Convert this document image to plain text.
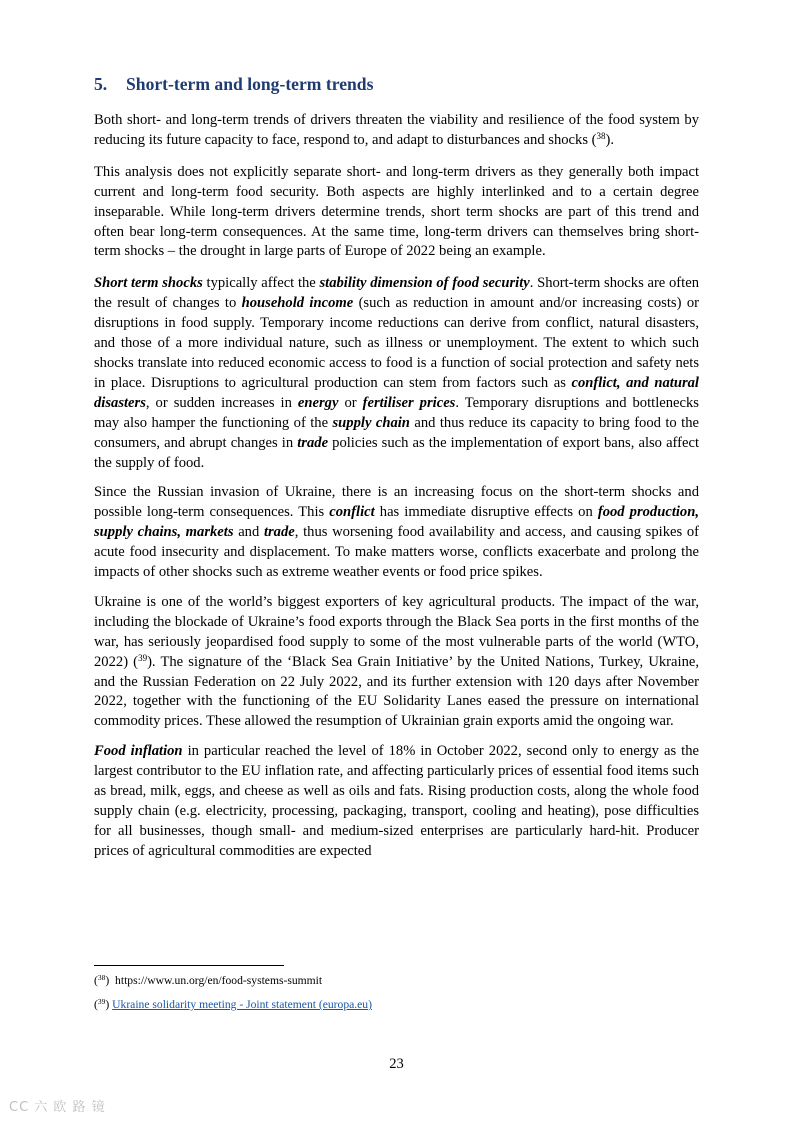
5. Short-term and long-term trends

Both short- and long-term trends of drivers threaten the viability and resilience of the food system by reducing its future capacity to face, respond to, and adapt to disturbances and shocks ($^{38}$).

This analysis does not explicitly separate short- and long-term drivers as they generally both impact current and long-term food security. Both aspects are highly interlinked and to a certain degree inseparable. While long-term drivers determine trends, short term shocks are part of this trend and often bear long-term consequences. At the same time, long-term drivers can themselves bring short-term shocks – the drought in large parts of Europe of 2022 being an example.

Short term shocks typically affect the stability dimension of food security. Short-term shocks are often the result of changes to household income (such as reduction in amount and/or increasing costs) or disruptions in food supply. Temporary income reductions can derive from conflict, natural disasters, and those of a more individual nature, such as illness or unemployment. The extent to which such shocks translate into reduced economic access to food is a function of social protection and safety nets in place. Disruptions to agricultural production can stem from factors such as conflict, and natural disasters, or sudden increases in energy or fertiliser prices. Temporary disruptions and bottlenecks may also hamper the functioning of the supply chain and thus reduce its capacity to bring food to the consumers, and abrupt changes in trade policies such as the implementation of export bans, also affect the supply of food.

Since the Russian invasion of Ukraine, there is an increasing focus on the short-term shocks and possible long-term consequences. This conflict has immediate disruptive effects on food production, supply chains, markets and trade, thus worsening food availability and access, and causing spikes of acute food insecurity and displacement. To make matters worse, conflicts exacerbate and prolong the impacts of other shocks such as extreme weather events or food price spikes.

Ukraine is one of the world’s biggest exporters of key agricultural products. The impact of the war, including the blockade of Ukraine’s food exports through the Black Sea ports in the first months of the war, has seriously jeopardised food supply to some of the most vulnerable parts of the world (WTO, 2022) ($^{39}$). The signature of the ‘Black Sea Grain Initiative’ by the United Nations, Turkey, Ukraine, and the Russian Federation on 22 July 2022, and its further extension with 120 days after November 2022, together with the functioning of the EU Solidarity Lanes eased the pressure on international commodity prices. These allowed the resumption of Ukrainian grain exports amid the ongoing war.

Food inflation in particular reached the level of 18% in October 2022, second only to energy as the largest contributor to the EU inflation rate, and affecting particularly prices of essential food items such as bread, milk, eggs, and cheese as well as oils and fats. Rising production costs, along the whole food supply chain (e.g. electricity, processing, packaging, transport, cooling and heating), pose difficulties for all businesses, though small- and medium-sized enterprises are particularly hard-hit. Producer prices of agricultural commodities are expected

($^{38}$) https://www.un.org/en/food-systems-summit
($^{39}$) Ukraine solidarity meeting - Joint statement (europa.eu)
23
CC 六 欧 路 镜
